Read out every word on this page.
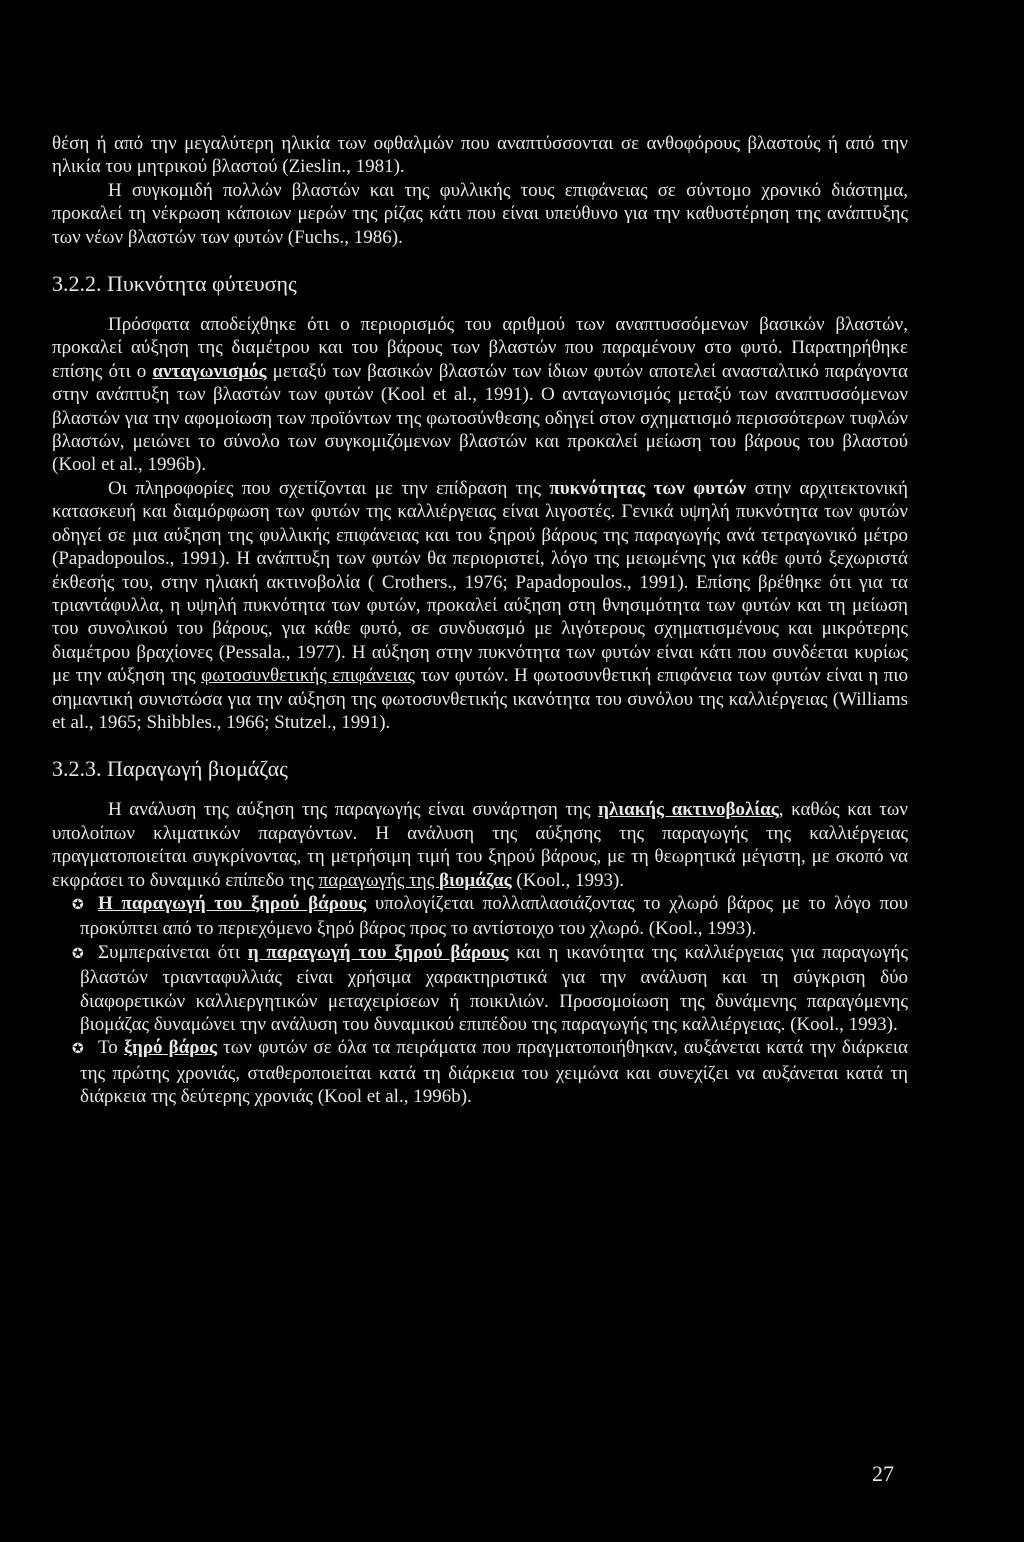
θέση ή από την μεγαλύτερη ηλικία των οφθαλμών που αναπτύσσονται σε ανθοφόρους βλαστούς ή από την ηλικία του μητρικού βλαστού (Zieslin., 1981).

Η συγκομιδή πολλών βλαστών και της φυλλικής τους επιφάνειας σε σύντομο χρονικό διάστημα, προκαλεί τη νέκρωση κάποιων μερών της ρίζας κάτι που είναι υπεύθυνο για την καθυστέρηση της ανάπτυξης των νέων βλαστών των φυτών (Fuchs., 1986).

3.2.2. Πυκνότητα φύτευσης

Πρόσφατα αποδείχθηκε ότι ο περιορισμός του αριθμού των αναπτυσσόμενων βασικών βλαστών, προκαλεί αύξηση της διαμέτρου και του βάρους των βλαστών που παραμένουν στο φυτό. Παρατηρήθηκε επίσης ότι ο ανταγωνισμός μεταξύ των βασικών βλαστών των ίδιων φυτών αποτελεί ανασταλτικό παράγοντα στην ανάπτυξη των βλαστών των φυτών (Kool et al., 1991). Ο ανταγωνισμός μεταξύ των αναπτυσσόμενων βλαστών για την αφομοίωση των προϊόντων της φωτοσύνθεσης οδηγεί στον σχηματισμό περισσότερων τυφλών βλαστών, μειώνει το σύνολο των συγκομιζόμενων βλαστών και προκαλεί μείωση του βάρους του βλαστού (Kool et al., 1996b).

Οι πληροφορίες που σχετίζονται με την επίδραση της πυκνότητας των φυτών στην αρχιτεκτονική κατασκευή και διαμόρφωση των φυτών της καλλιέργειας είναι λιγοστές. Γενικά υψηλή πυκνότητα των φυτών οδηγεί σε μια αύξηση της φυλλικής επιφάνειας και του ξηρού βάρους της παραγωγής ανά τετραγωνικό μέτρο (Papadopoulos., 1991). Η ανάπτυξη των φυτών θα περιοριστεί, λόγο της μειωμένης για κάθε φυτό ξεχωριστά έκθεσής του, στην ηλιακή ακτινοβολία ( Crothers., 1976; Papadopoulos., 1991). Επίσης βρέθηκε ότι για τα τριαντάφυλλα, η υψηλή πυκνότητα των φυτών, προκαλεί αύξηση στη θνησιμότητα των φυτών και τη μείωση του συνολικού του βάρους, για κάθε φυτό, σε συνδυασμό με λιγότερους σχηματισμένους και μικρότερης διαμέτρου βραχίονες (Pessala., 1977). Η αύξηση στην πυκνότητα των φυτών είναι κάτι που συνδέεται κυρίως με την αύξηση της φωτοσυνθετικής επιφάνειας των φυτών. Η φωτοσυνθετική επιφάνεια των φυτών είναι η πιο σημαντική συνιστώσα για την αύξηση της φωτοσυνθετικής ικανότητα του συνόλου της καλλιέργειας (Williams et al., 1965; Shibbles., 1966; Stutzel., 1991).

3.2.3. Παραγωγή βιομάζας

Η ανάλυση της αύξηση της παραγωγής είναι συνάρτηση της ηλιακής ακτινοβολίας, καθώς και των υπολοίπων κλιματικών παραγόντων. Η ανάλυση της αύξησης της παραγωγής της καλλιέργειας πραγματοποιείται συγκρίνοντας, τη μετρήσιμη τιμή του ξηρού βάρους, με τη θεωρητικά μέγιστη, με σκοπό να εκφράσει το δυναμικό επίπεδο της παραγωγής της βιομάζας (Kool., 1993).

✪ Η παραγωγή του ξηρού βάρους υπολογίζεται πολλαπλασιάζοντας το χλωρό βάρος με το λόγο που προκύπτει από το περιεχόμενο ξηρό βάρος προς το αντίστοιχο του χλωρό. (Kool., 1993).

✪ Συμπεραίνεται ότι η παραγωγή του ξηρού βάρους και η ικανότητα της καλλιέργειας για παραγωγής βλαστών τριανταφυλλιάς είναι χρήσιμα χαρακτηριστικά για την ανάλυση και τη σύγκριση δύο διαφορετικών καλλιεργητικών μεταχειρίσεων ή ποικιλιών. Προσομοίωση της δυνάμενης παραγόμενης βιομάζας δυναμώνει την ανάλυση του δυναμικού επιπέδου της παραγωγής της καλλιέργειας. (Kool., 1993).

✪ Το ξηρό βάρος των φυτών σε όλα τα πειράματα που πραγματοποιήθηκαν, αυξάνεται κατά την διάρκεια της πρώτης χρονιάς, σταθεροποιείται κατά τη διάρκεια του χειμώνα και συνεχίζει να αυξάνεται κατά τη διάρκεια της δεύτερης χρονιάς (Kool et al., 1996b).

27
